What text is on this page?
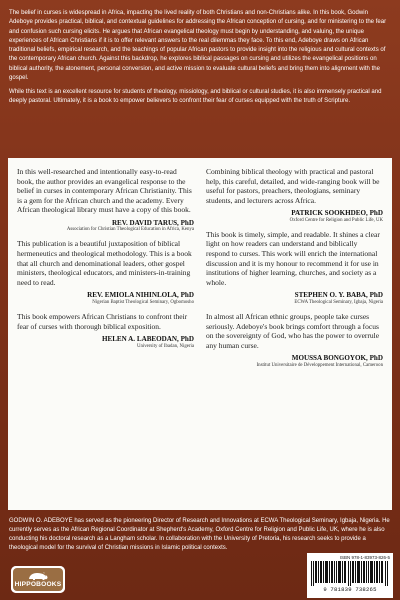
The belief in curses is widespread in Africa, impacting the lived reality of both Christians and non-Christians alike. In this book, Godwin Adeboye provides practical, biblical, and contextual guidelines for addressing the African conception of cursing, and for ministering to the fear and confusion such cursing elicits. He argues that African evangelical theology must begin by understanding, and valuing, the unique experiences of African Christians if it is to offer relevant answers to the real dilemmas they face. To this end, Adeboye draws on African traditional beliefs, empirical research, and the teachings of popular African pastors to provide insight into the religious and cultural contexts of the contemporary African church. Against this backdrop, he explores biblical passages on cursing and utilizes the evangelical positions on biblical authority, the atonement, personal conversion, and active mission to evaluate cultural beliefs and bring them into alignment with the gospel.

While this text is an excellent resource for students of theology, missiology, and biblical or cultural studies, it is also immensely practical and deeply pastoral. Ultimately, it is a book to empower believers to confront their fear of curses equipped with the truth of Scripture.

In this well-researched and intentionally easy-to-read book, the author provides an evangelical response to the belief in curses in contemporary African Christianity. This is a gem for the African church and the academy. Every African theological library must have a copy of this book.

REV. DAVID TARUS, PhD
Association for Christian Theological Education in Africa, Kenya

This publication is a beautiful juxtaposition of biblical hermeneutics and theological methodology. This is a book that all church and denominational leaders, other gospel ministers, theological educators, and ministers-in-training need to read.

REV. EMIOLA NIHINLOLA, PhD
Nigerian Baptist Theological Seminary, Ogbomosho

This book empowers African Christians to confront their fear of curses with thorough biblical exposition.

HELEN A. LABEODAN, PhD
University of Ibadan, Nigeria

Combining biblical theology with practical and pastoral help, this careful, detailed, and wide-ranging book will be useful for pastors, preachers, theologians, seminary students, and lecturers across Africa.

PATRICK SOOKHDEO, PhD
Oxford Centre for Religion and Public Life, UK

This book is timely, simple, and readable. It shines a clear light on how readers can understand and biblically respond to curses. This work will enrich the international discussion and it is my honour to recommend it for use in institutions of higher learning, churches, and society as a whole.

STEPHEN O. Y. BABA, PhD
ECWA Theological Seminary, Igbaja, Nigeria

In almost all African ethnic groups, people take curses seriously. Adeboye's book brings comfort through a focus on the sovereignty of God, who has the power to overrule any human curse.

MOUSSA BONGOYOK, PhD
Institut Universitaire de Développement International, Cameroon

GODWIN O. ADEBOYE has served as the pioneering Director of Research and Innovations at ECWA Theological Seminary, Igbaja, Nigeria. He currently serves as the African Regional Coordinator at Shepherd's Academy, Oxford Centre for Religion and Public Life, UK, where he is also conducting his doctoral research as a Langham scholar. In collaboration with the University of Pretoria, his research seeks to provide a theological model for the survival of Christian missions in Islamic political contexts.

HIPPOBOOKS
ISBN 978-1-83973-826-5
9 781839 738265
